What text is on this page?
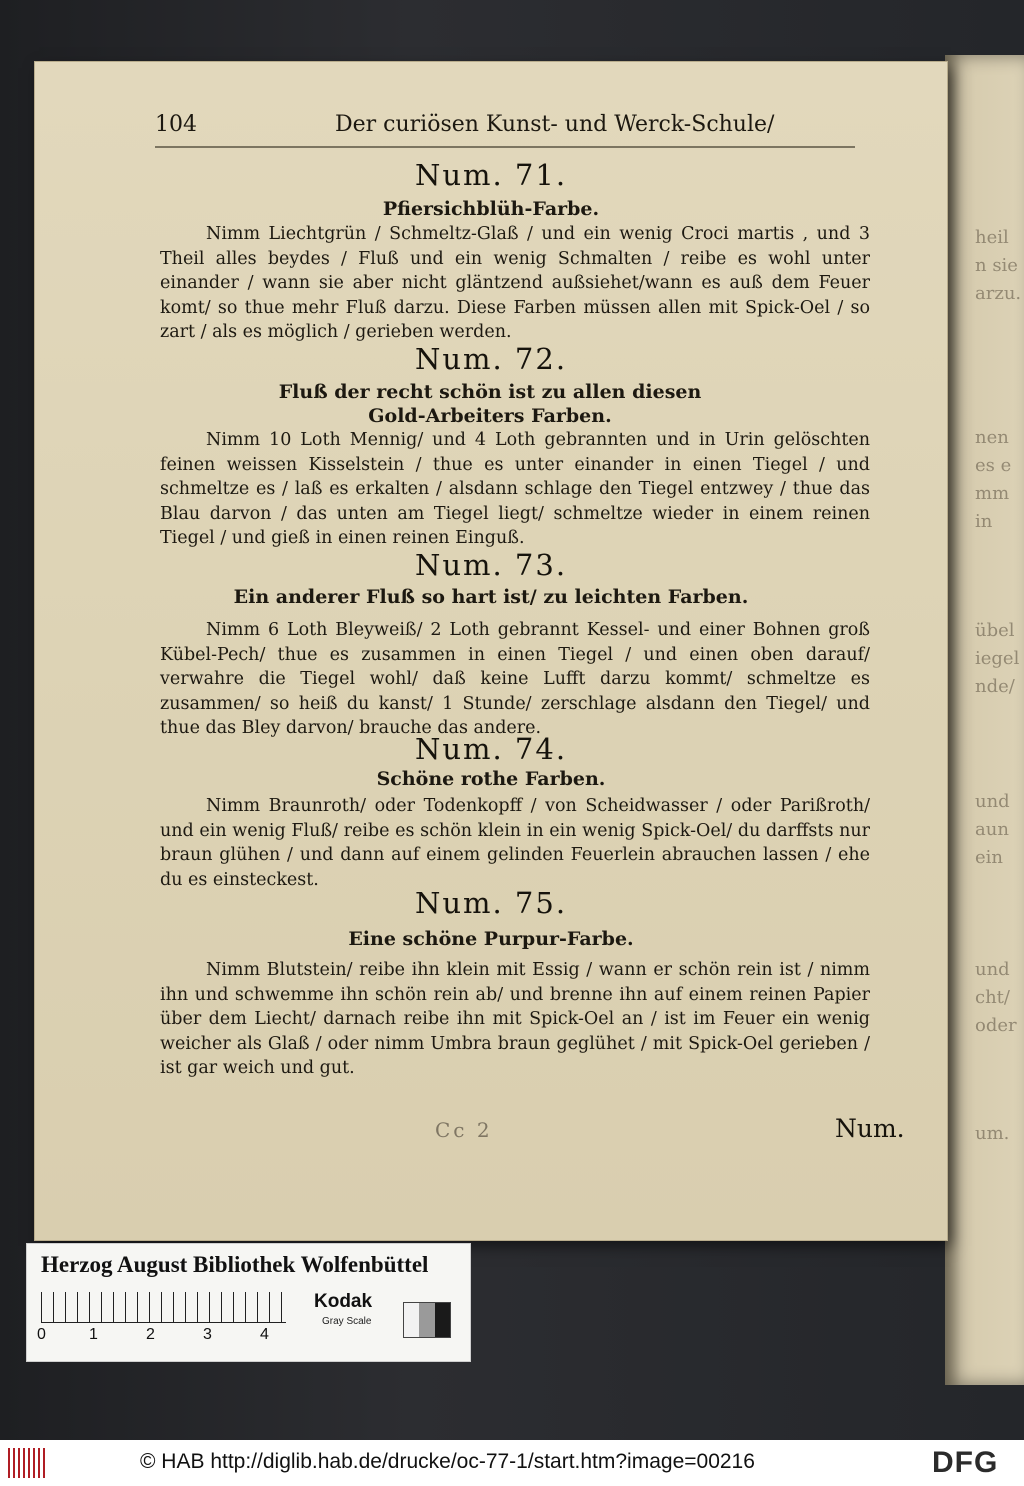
heil
n sie
arzu.
nen
es e
mm
in
übel
iegel
nde/
und
aun
ein
und
cht/
oder
um.
104	Der curiösen Kunst- und Werck-Schule/
Num. 71.
Pfiersichblüh-Farbe.
Nimm Liechtgrün / Schmeltz-Glaß / und ein wenig Croci martis , und 3 Theil alles beydes / Fluß und ein wenig Schmalten / reibe es wohl unter einander / wann sie aber nicht gläntzend außsiehet/wann es auß dem Feuer komt/ so thue mehr Fluß darzu. Diese Farben müssen allen mit Spick-Oel / so zart / als es möglich / gerieben werden.
Num. 72.
Fluß der recht schön ist zu allen diesen Gold-Arbeiters Farben.
Nimm 10 Loth Mennig/ und 4 Loth gebrannten und in Urin gelöschten feinen weissen Kisselstein / thue es unter einander in einen Tiegel / und schmeltze es / laß es erkalten / alsdann schlage den Tiegel entzwey / thue das Blau darvon / das unten am Tiegel liegt/ schmeltze wieder in einem reinen Tiegel / und gieß in einen reinen Einguß.
Num. 73.
Ein anderer Fluß so hart ist/ zu leichten Farben.
Nimm 6 Loth Bleyweiß/ 2 Loth gebrannt Kessel- und einer Bohnen groß Kübel-Pech/ thue es zusammen in einen Tiegel / und einen oben darauf/ verwahre die Tiegel wohl/ daß keine Lufft darzu kommt/ schmeltze es zusammen/ so heiß du kanst/ 1 Stunde/ zerschlage alsdann den Tiegel/ und thue das Bley darvon/ brauche das andere.
Num. 74.
Schöne rothe Farben.
Nimm Braunroth/ oder Todenkopff / von Scheidwasser / oder Parißroth/ und ein wenig Fluß/ reibe es schön klein in ein wenig Spick-Oel/ du darffsts nur braun glühen / und dann auf einem gelinden Feuerlein abrauchen lassen / ehe du es einsteckest.
Num. 75.
Eine schöne Purpur-Farbe.
Nimm Blutstein/ reibe ihn klein mit Essig / wann er schön rein ist / nimm ihn und schwemme ihn schön rein ab/ und brenne ihn auf einem reinen Papier über dem Liecht/ darnach reibe ihn mit Spick-Oel an / ist im Feuer ein wenig weicher als Glaß / oder nimm Umbra braun geglühet / mit Spick-Oel gerieben / ist gar weich und gut.
Cc 2	Num.
Herzog August Bibliothek Wolfenbüttel
0	1	2	3	4
Kodak
Gray Scale
© HAB http://diglib.hab.de/drucke/oc-77-1/start.htm?image=00216	DFG
